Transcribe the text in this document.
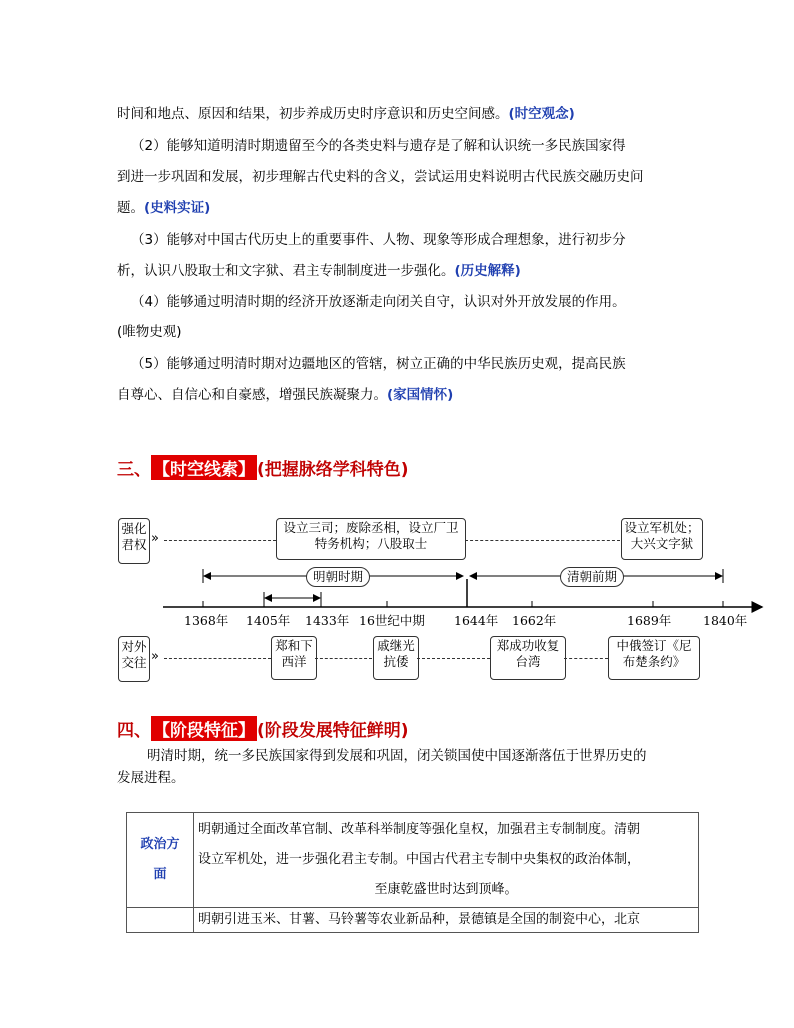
时间和地点、原因和结果，初步养成历史时序意识和历史空间感。(时空观念)
（2）能够知道明清时期遗留至今的各类史料与遗存是了解和认识统一多民族国家得
到进一步巩固和发展，初步理解古代史料的含义，尝试运用史料说明古代民族交融历史问
题。(史料实证)
（3）能够对中国古代历史上的重要事件、人物、现象等形成合理想象，进行初步分
析，认识八股取士和文字狱、君主专制制度进一步强化。(历史解释)
（4）能够通过明清时期的经济开放逐渐走向闭关自守，认识对外开放发展的作用。
(唯物史观)
（5）能够通过明清时期对边疆地区的管辖，树立正确的中华民族历史观，提高民族
自尊心、自信心和自豪感，增强民族凝聚力。(家国情怀)
三、 【时空线索】 (把握脉络学科特色)
强化君权 »
设立三司；废除丞相，设立厂卫特务机构；八股取士
设立军机处；大兴文字狱
明朝时期	清朝前期
1368年 1405年 1433年 16世纪中期 1644年 1662年	1689年	1840年
对外交往 »
郑和下西洋
戚继光抗倭
郑成功收复台湾
中俄签订《尼布楚条约》
四、 【阶段特征】 (阶段发展特征鲜明)
明清时期，统一多民族国家得到发展和巩固，闭关锁国使中国逐渐落伍于世界历史的
发展进程。
政治方面	明朝通过全面改革官制、改革科举制度等强化皇权，加强君主专制制度。清朝
设立军机处，进一步强化君主专制。中国古代君主专制中央集权的政治体制，
至康乾盛世时达到顶峰。

	明朝引进玉米、甘薯、马铃薯等农业新品种，景德镇是全国的制瓷中心，北京
